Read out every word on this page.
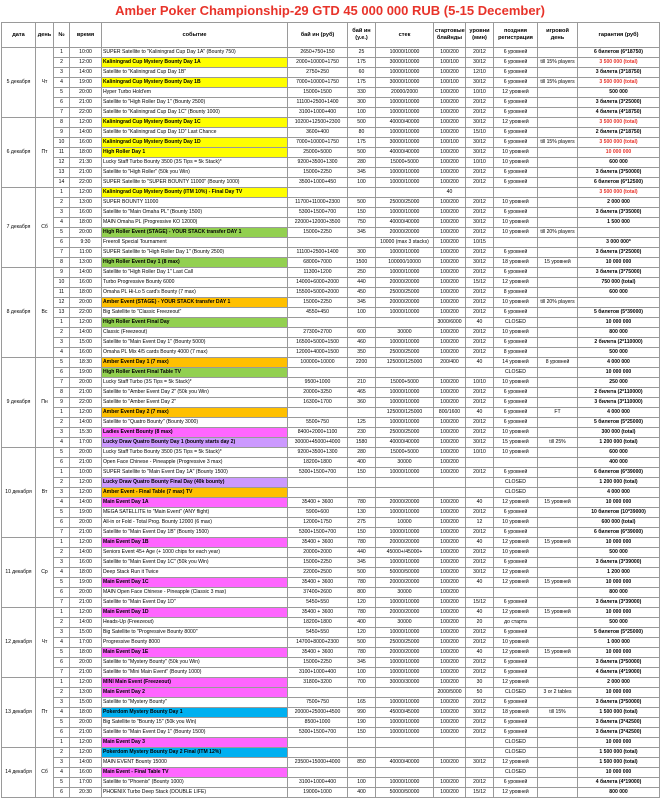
Amber Poker Championship-29 GTD 45 000 000 RUB (5-15 December)
дата	день	№	время	событие	бай ин (руб)	бай ин (у.е.)	стек	стартовые блайнды	уровни (мин)	поздняя регистрация	игровой день	гарантия (руб)
5 декабря	Чт	1	10:00	SUPER Satellite to "Kaliningrad Cup Day 1A" (Bounty 750)	2650+750+150	25	10000/10000	100/200	20/12	6 уровней		6 билетов (6*18750)
		2	12:00	Kaliningrad Cup Mystery Bounty Day 1A	2000+10000+1750	175	30000/10000	100/100	30/12	6 уровней	till 15% players	3 500 000 (total)
		3	14:00	Satellite to "Kaliningrad Cup Day 1B"	2750+250	60	10000/10000	100/200	12/10	6 уровней		3 билета (3*18750)
		4	19:00	Kaliningrad Cup Mystery Bounty Day 1B	7000+10000+1750	175	30000/10000	100/100	30/12	6 уровней	till 15% players	3 500 000 (total)
		5	20:00	Hyper Turbo Hold'em	15000+1500	330	20000/2000	100/200	10/10	12 уровней		500 000
		6	21:00	Satellite to "High Roller Day 1" (Bounty 2500)	11100+2500+1400	300	10000/10000	100/200	20/12	6 уровней		3 билета (3*25000)
		7	22:00	Satellite to "Kaliningrad Cup Day 1C" (Bounty 1000)	3100+1000+400	100	10000/10000	100/200	20/12	6 уровней		4 билета (4*18750)
6 декабря	Пт	8	12:00	Kaliningrad Cup Mystery Bounty Day 1C	10200+12500+2300	500	40000/40000	100/200	30/12	12 уровней		3 500 000 (total)
		9	14:00	Satellite to "Kaliningrad Cup Day 1D" Last Chance	3600+400	80	10000/10000	100/200	15/10	6 уровней		2 билета (2*18750)
		10	16:00	Kaliningrad Cup Mystery Bounty Day 1D	7000+10000+1750	175	30000/10000	100/100	30/12	6 уровней	till 15% players	3 500 000 (total)
		11	18:00	High Roller Day 1	25000+5000	500	40000/40000	100/200	30/12	10 уровней		10 000 000
		12	21:30	Lucky Staff Turbo Bounty 3500 (3S Tips = 5k Stack)*	9200+3500+1300	280	15000+5000	100/200	10/10	10 уровней		600 000
		13	21:00	Satellite to "High Roller" (50k you Win)	15000+2250	345	10000/10000	100/200	20/12	6 уровней		3 билета (3*50000)
		14	22:00	SUPER Satellite to "SUPER BOUNTY 11000" (Bounty 1000)	3500+1000+450	100	10000/10000	100/200	20/12	6 уровней		6 билетов (6*12500)
7 декабря	Сб	1	12:00	Kaliningrad Cup Mystery Bounty (ITM 10%) - Final Day TV				40				3 500 000 (total)
		2	13:00	SUPER BOUNTY 11000	11700+11000+2300	500	25000/25000	100/200	20/12	10 уровней		2 000 000
		3	16:00	Satellite to "Main Omaha PL" (Bounty 1500)	5300+1500+700	150	10000/10000	100/200	20/12	6 уровней		3 билета (3*35000)
		4	18:00	MAIN Omaha PL (Progressive KO 12000)	22000+12000+3500	750	40000/40000	100/200	30/12	10 уровней		1 500 000
		5	20:00	High Roller Event (STAGE) - YOUR STACK transfer DAY 1	15000+2250	345	20000/20000	100/200	20/12	10 уровней	till 20% players	
		6	9:30	Freeroll Special Tournament			10000 (max 3 stacks)	100/200	10/15			3 000 000*
		7	11:00	SUPER Satellite to "High Roller Day 1" (Bounty 2500)	11100+2500+1400	300	10000/10000	100/200	20/12	6 уровней		3 билета (3*25000)
		8	13:00	High Roller Event Day 1 (8 max)	68000+7000	1500	100000/10000	100/200	30/12	18 уровней	15 уровней	10 000 000
8 декабря	Вс	9	14:00	Satellite to "High Roller Day 1" Last Call	11300+1200	250	10000/10000	100/200	20/12	6 уровней		3 билета (3*75000)
		10	16:00	Turbo Progressive Bounty 6000	14000+6000+2000	440	20000/20000	100/200	15/12	12 уровней		750 000 (total)
		11	18:00	Omaha PL Hi-Lo 5 card's Bounty (7 max)	15500+5000+2000	450	25000/25000	100/200	20/12	8 уровней		600 000
		12	20:00	Amber Event (STAGE) - YOUR STACK transfer DAY 1	15000+2250	345	20000/20000	100/200	20/12	10 уровней	till 20% players	
		13	22:00	Big Satellite to "Classic Freezeout"	4550+450	100	10000/10000	100/200	20/12	6 уровней		5 билетов (5*39000)
		1	12:00	High Roller Event Final Day				3000/6000	40	CLOSED		10 000 000
		2	14:00	Classic (Freezeout)	27300+2700	600	30000	100/200	20/12	10 уровней		800 000
		3	15:00	Satellite to "Main Event Day 1" (Bounty 5000)	16500+5000+1500	460	10000/10000	100/200	20/12	6 уровней		2 билета (2*110000)
		4	16:00	Omaha PL Mix 4/5 cards Bounty 4000 (7 max)	12000+4000+1500	350	25000/25000	100/200	20/12	8 уровней		500 000
9 декабря	Пн	5	18:30	Amber Event Day 1 (7 max)	100000+10000	2200	125000/125000	200/400	40	14 уровней	8 уровней	4 000 000
		6	19:00	High Roller Event Final Table TV						CLOSED		10 000 000
		7	20:00	Lucky Staff Turbo (3S Tips = 5k Stack)*	9500+1000	210	15000+5000	100/200	10/10	10 уровней		250 000
		8	21:00	Satellite to "Amber Event Day 2" (50k you Win)	20000+3250	465	10000/10000	100/200	20/12	6 уровней		2 билета (2*110000)
		9	22:00	Satellite to "Amber Event Day 2"	16300+1700	360	10000/10000	100/200	20/12	6 уровней		3 билета (3*110000)
		1	12:00	Amber Event Day 2 (7 max)			125000/125000	800/1600	40	6 уровней	FT	4 000 000
		2	14:00	Satellite to "Quatro Bounty" (Bounty 3000)	5500+750	125	10000/10000	100/200	20/12	6 уровней		5 билетов (5*25000)
		3	15:30	Ladies Event Bounty (8 max)	8400+2000+1100	230	25000/25000	100/200	20/12	10 уровней		300 000 (total)
		4	17:00	Lucky Draw Quatro Bounty Day 1 (bounty starts day 2)	30000+45000+4000	1580	40000/40000	100/200	30/12	15 уровней	till 25%	1 200 000 (total)
10 декабря	Вт	5	20:00	Lucky Staff Turbo Bounty 3500 (3S Tips = 5k Stack)*	9200+3500+1300	280	15000+5000	100/200	10/10	10 уровней		600 000
		6	21:00	Open Face Chinese - Pineapple (Progressive 3 max)	18200+1800	400	30000	100/200				400 000
		1	10:00	SUPER Satellite to "Main Event Day 1A" (Bounty 1500)	5300+1500+700	150	10000/10000	100/200	20/12	6 уровней		6 билетов (6*39000)
		2	12:00	Lucky Draw Quatro Bounty Final Day (40k bounty)						CLOSED		1 200 000 (total)
		3	12:00	Amber Event - Final Table (7 max) TV						CLOSED		4 000 000
		4	14:00	Main Event Day 1A	35400 + 3600	780	20000/20000	100/200	40	12 уровней	15 уровней	10 000 000
		5	19:00	MEGA SATELLITE to "Main Event" (ANY flight)	5900+600	130	10000/10000	100/200	20/12	6 уровней		10 билетов (10*39000)
		6	20:00	All-in or Fold - Total Prog. Bounty 12000 (6 max)	12000+1750	275	10000	100/200	12	10 уровней		600 000 (total)
		7	21:00	Satellite to "Main Event Day 1B" (Bounty 1500)	5300+1500+700	150	10000/10000	100/200	20/12	6 уровней		6 билетов (6*39000)
11 декабря	Ср	1	12:00	Main Event Day 1B	35400 + 3600	780	20000/20000	100/200	40	12 уровней	15 уровней	10 000 000
		2	14:00	Seniors Event 45+ Age (+ 1000 chips for each year)	20000+2000	440	45000+/45000+	100/200	20/12	10 уровней		500 000
		3	16:00	Satellite to "Main Event Day 1C" (50k you Win)	15000+2250	345	10000/10000	100/200	20/12	6 уровней		3 билета (3*39000)
		4	18:00	Deep Stack Run it Twice	22000+2500	500	50000/50000	100/200	30/12	12 уровней		1 200 000
		5	19:00	Main Event Day 1C	35400 + 3600	780	20000/20000	100/200	40	12 уровней	15 уровней	10 000 000
		6	20:00	MAIN Open Face Chinese - Pineapple (Classic 3 max)	37400+2600	800	30000	100/200				800 000
		7	21:00	Satellite to "Main Event Day 1D"	5450+550	120	10000/10000	100/200	15/12	6 уровней		3 билета (3*39000)
12 декабря	Чт	1	12:00	Main Event Day 1D	35400 + 3600	780	20000/20000	100/200	40	12 уровней	15 уровней	10 000 000
		2	14:00	Heads-Up (Freezeout)	18200+1800	400	30000	100/200	20	до старта		500 000
		3	15:00	Big Satellite to "Progressive Bounty 8000"	5450+550	120	10000/10000	100/200	20/12	6 уровней		5 билетов (5*25000)
		4	17:00	Progressive Bounty 8000	14700+8000+2300	500	25000/25000	100/200	20/12	10 уровней		1 000 000
		5	18:00	Main Event Day 1E	35400 + 3600	780	20000/20000	100/200	40	12 уровней	15 уровней	10 000 000
		6	20:00	Satellite to "Mystery Bounty" (50k you Win)	15000+2250	345	10000/10000	100/200	20/12	6 уровней		3 билета (3*50000)
		7	21:00	Satellite to "Mini Main Event" (Bounty 1000)	3100+1000+400	100	10000/10000	100/200	20/12	6 уровней		4 билета (4*19000)
13 декабря	Пт	1	12:00	MINI Main Event (Freezeout)	31800+3200	700	30000/30000	100/200	30	12 уровней		2 000 000
		2	13:00	Main Event Day 2				2000/5000	50	CLOSED	3 or 2 tables	10 000 000
		3	15:00	Satellite to "Mystery Bounty"	7500+750	165	10000/10000	100/200	20/12	6 уровней		3 билета (3*50000)
		4	18:00	Pokerdom Mystery Bounty Day 1	20000+25000+4500	990	45000/45000	100/200	30/12	18 уровней	till 15%	1 500 000 (total)
		5	20:00	Big Satellite to "Bounty 15" (50k you Win)	8500+1000	190	10000/10000	100/200	20/12	6 уровней		3 билета (3*42500)
		6	21:00	Satellite to "Main Event Day 1" (Bounty 1500)	5300+1500+700	150	10000/10000	100/200	20/12	6 уровней		3 билета (3*42500)
		1	12:00	Main Event Day 3						CLOSED		10 000 000
14 декабря	Сб	2	12:00	Pokerdom Mystery Bounty Day 2 Final (ITM 12%)						CLOSED		1 500 000 (total)
		3	14:00	MAIN EVENT Bounty 15000	23500+15000+4000	850	40000/40000	100/200	30/12	12 уровней		1 500 000 (total)
		4	16:00	Main Event - Final Table TV						CLOSED		10 000 000
		5	17:00	Satellite to "Phoenix" (Bounty 1000)	3100+1000+400	100	10000/10000	100/200	20/12	6 уровней		4 билета (4*19000)
		6	20:30	PHOENIX Turbo Deep Stack (DOUBLE LIFE)	19000+1000	400	50000/50000	100/200	15/12	12 уровней		800 000
